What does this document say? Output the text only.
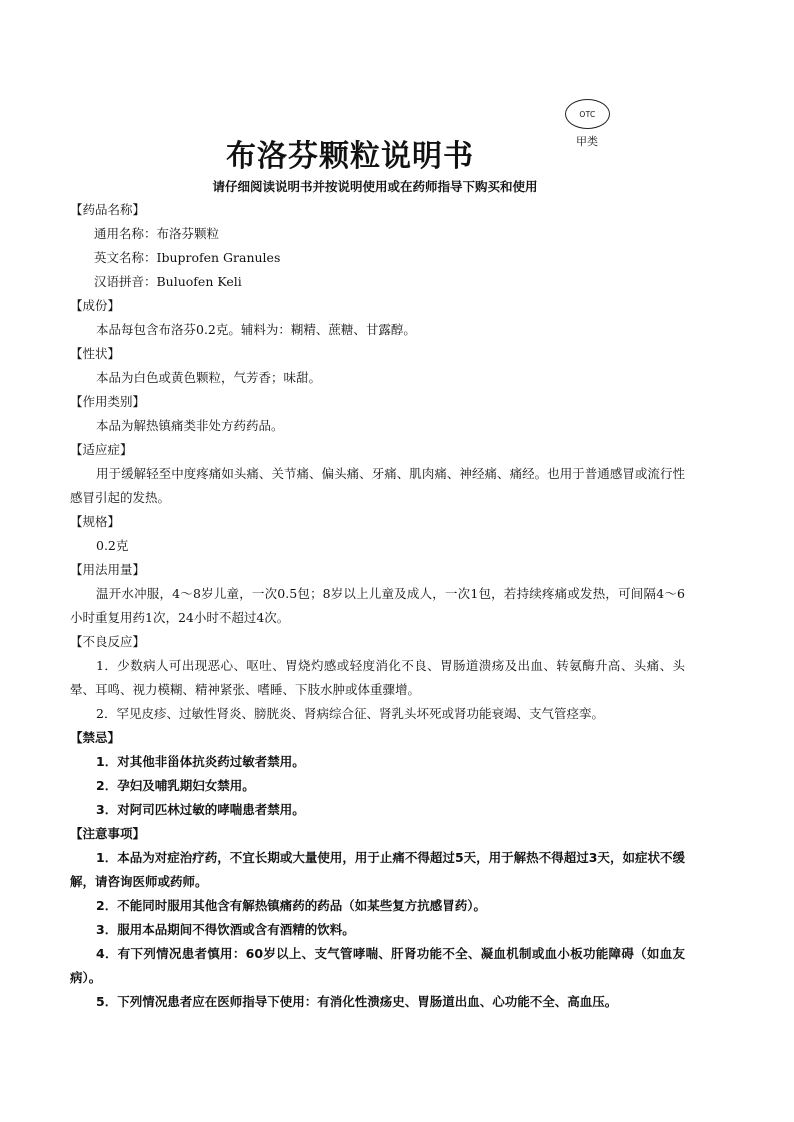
OTC
甲类
布洛芬颗粒说明书
请仔细阅读说明书并按说明使用或在药师指导下购买和使用
【药品名称】
通用名称：布洛芬颗粒
英文名称：Ibuprofen Granules
汉语拼音：Buluofen Keli
【成份】
本品每包含布洛芬0.2克。辅料为：糊精、蔗糖、甘露醇。
【性状】
本品为白色或黄色颗粒，气芳香；味甜。
【作用类别】
本品为解热镇痛类非处方药药品。
【适应症】
用于缓解轻至中度疼痛如头痛、关节痛、偏头痛、牙痛、肌肉痛、神经痛、痛经。也用于普通感冒或流行性感冒引起的发热。
【规格】
0.2克
【用法用量】
温开水冲服，4～8岁儿童，一次0.5包；8岁以上儿童及成人，一次1包，若持续疼痛或发热，可间隔4～6小时重复用药1次，24小时不超过4次。
【不良反应】
1．少数病人可出现恶心、呕吐、胃烧灼感或轻度消化不良、胃肠道溃疡及出血、转氨酶升高、头痛、头晕、耳鸣、视力模糊、精神紧张、嗜睡、下肢水肿或体重骤增。
2．罕见皮疹、过敏性肾炎、膀胱炎、肾病综合征、肾乳头坏死或肾功能衰竭、支气管痉挛。
【禁忌】
1．对其他非甾体抗炎药过敏者禁用。
2．孕妇及哺乳期妇女禁用。
3．对阿司匹林过敏的哮喘患者禁用。
【注意事项】
1．本品为对症治疗药，不宜长期或大量使用，用于止痛不得超过5天，用于解热不得超过3天，如症状不缓解，请咨询医师或药师。
2．不能同时服用其他含有解热镇痛药的药品（如某些复方抗感冒药）。
3．服用本品期间不得饮酒或含有酒精的饮料。
4．有下列情况患者慎用：60岁以上、支气管哮喘、肝肾功能不全、凝血机制或血小板功能障碍（如血友病）。
5．下列情况患者应在医师指导下使用：有消化性溃疡史、胃肠道出血、心功能不全、高血压。
